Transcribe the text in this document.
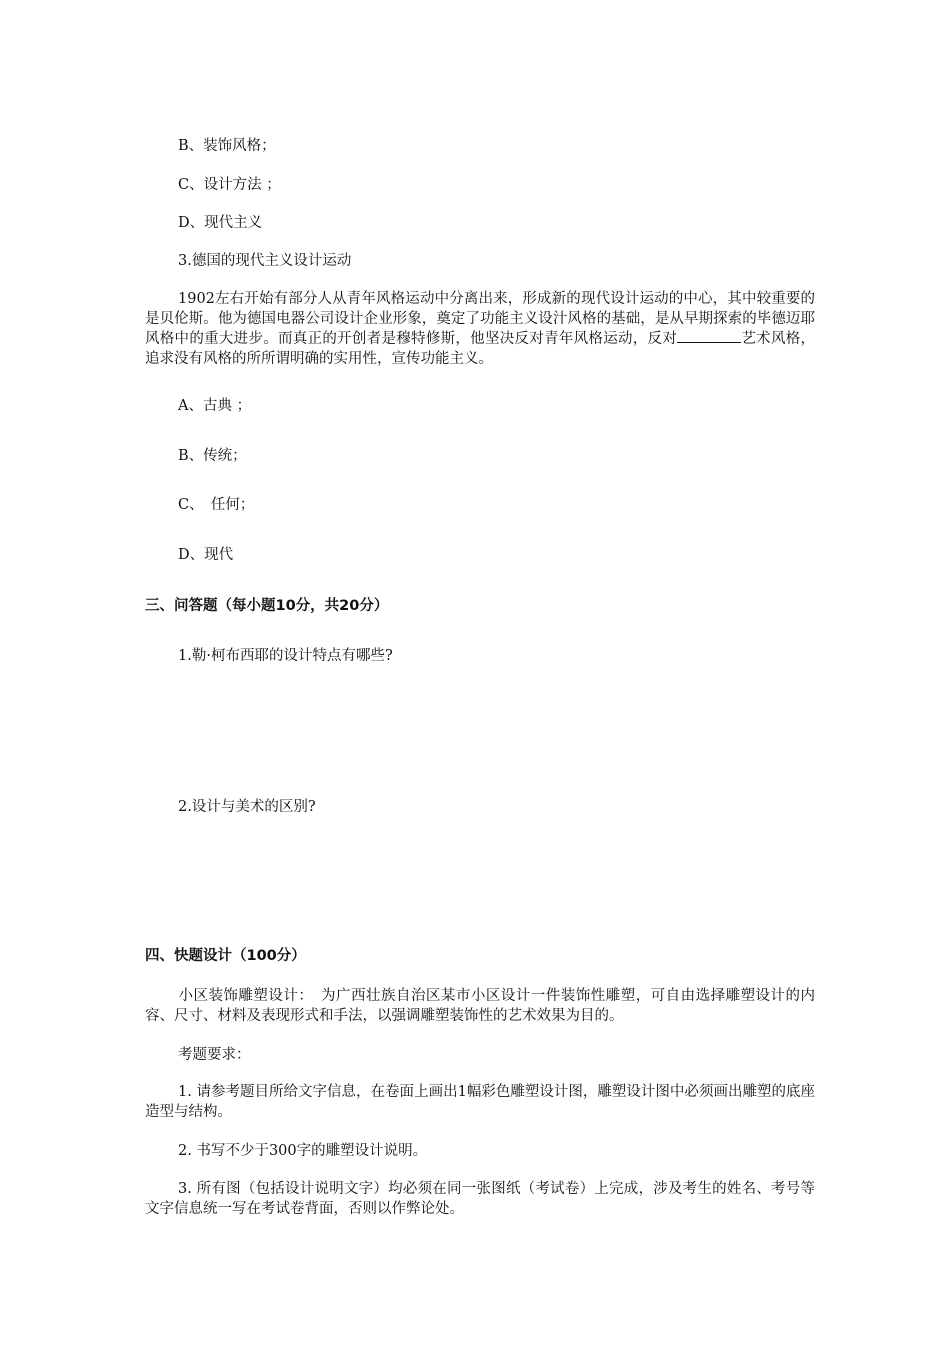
B、装饰风格；
C、设计方法 ；
D、现代主义
3.德国的现代主义设计运动
1902左右开始有部分人从青年风格运动中分离出来，形成新的现代设计运动的中心，其中较重要的是贝伦斯。他为德国电器公司设计企业形象，奠定了功能主义设汁风格的基础，是从早期探索的毕德迈耶风格中的重大进步。而真正的开创者是穆特修斯，他坚决反对青年风格运动，反对	艺术风格，追求没有风格的所所谓明确的实用性，宣传功能主义。
A、古典 ；
B、传统；
C、　任何；
D、现代
三、问答题（每小题10分，共20分）
1.勒·柯布西耶的设计特点有哪些?
2.设计与美术的区别?
四、快题设计（100分）
小区装饰雕塑设计：　为广西壮族自治区某市小区设计一件装饰性雕塑，可自由选择雕塑设计的内容、尺寸、材料及表现形式和手法，以强调雕塑装饰性的艺术效果为目的。
考题要求：
1. 请参考题目所给文字信息，在卷面上画出1幅彩色雕塑设计图，雕塑设计图中必须画出雕塑的底座造型与结构。
2. 书写不少于300字的雕塑设计说明。
3. 所有图（包括设计说明文字）均必须在同一张图纸（考试卷）上完成，涉及考生的姓名、考号等文字信息统一写在考试卷背面，否则以作弊论处。
